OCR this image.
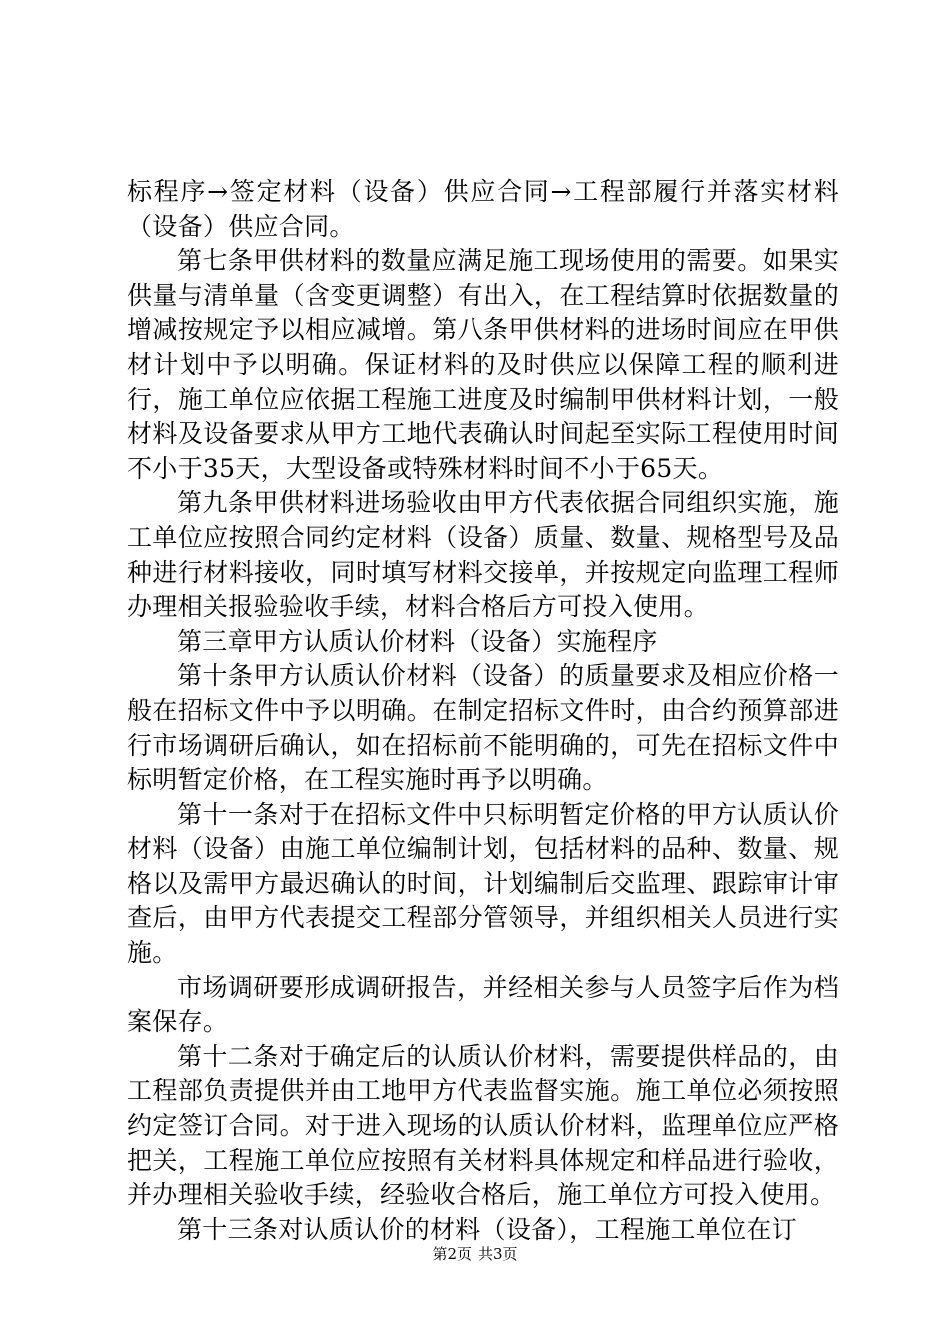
标程序→签定材料（设备）供应合同→工程部履行并落实材料（设备）供应合同。

第七条甲供材料的数量应满足施工现场使用的需要。如果实供量与清单量（含变更调整）有出入，在工程结算时依据数量的增减按规定予以相应减增。第八条甲供材料的进场时间应在甲供材计划中予以明确。保证材料的及时供应以保障工程的顺利进行，施工单位应依据工程施工进度及时编制甲供材料计划，一般材料及设备要求从甲方工地代表确认时间起至实际工程使用时间不小于35天，大型设备或特殊材料时间不小于65天。

第九条甲供材料进场验收由甲方代表依据合同组织实施，施工单位应按照合同约定材料（设备）质量、数量、规格型号及品种进行材料接收，同时填写材料交接单，并按规定向监理工程师办理相关报验验收手续，材料合格后方可投入使用。

第三章甲方认质认价材料（设备）实施程序

第十条甲方认质认价材料（设备）的质量要求及相应价格一般在招标文件中予以明确。在制定招标文件时，由合约预算部进行市场调研后确认，如在招标前不能明确的，可先在招标文件中标明暂定价格，在工程实施时再予以明确。

第十一条对于在招标文件中只标明暂定价格的甲方认质认价材料（设备）由施工单位编制计划，包括材料的品种、数量、规格以及需甲方最迟确认的时间，计划编制后交监理、跟踪审计审查后，由甲方代表提交工程部分管领导，并组织相关人员进行实施。

市场调研要形成调研报告，并经相关参与人员签字后作为档案保存。

第十二条对于确定后的认质认价材料，需要提供样品的，由工程部负责提供并由工地甲方代表监督实施。施工单位必须按照约定签订合同。对于进入现场的认质认价材料，监理单位应严格把关，工程施工单位应按照有关材料具体规定和样品进行验收，并办理相关验收手续，经验收合格后，施工单位方可投入使用。

第十三条对认质认价的材料（设备），工程施工单位在订

第2页 共3页
